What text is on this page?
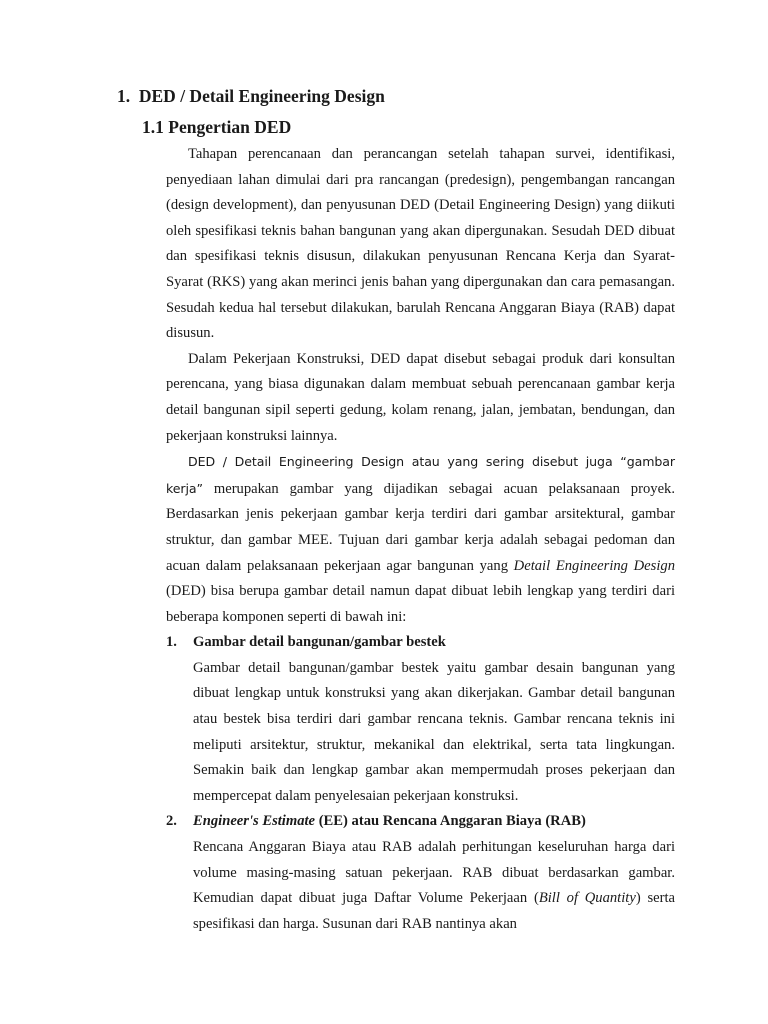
1. DED / Detail Engineering Design
1.1 Pengertian DED

Tahapan perencanaan dan perancangan setelah tahapan survei, identifikasi, penyediaan lahan dimulai dari pra rancangan (predesign), pengembangan rancangan (design development), dan penyusunan DED (Detail Engineering Design) yang diikuti oleh spesifikasi teknis bahan bangunan yang akan dipergunakan. Sesudah DED dibuat dan spesifikasi teknis disusun, dilakukan penyusunan Rencana Kerja dan Syarat-Syarat (RKS) yang akan merinci jenis bahan yang dipergunakan dan cara pemasangan. Sesudah kedua hal tersebut dilakukan, barulah Rencana Anggaran Biaya (RAB) dapat disusun.

Dalam Pekerjaan Konstruksi, DED dapat disebut sebagai produk dari konsultan perencana, yang biasa digunakan dalam membuat sebuah perencanaan gambar kerja detail bangunan sipil seperti gedung, kolam renang, jalan, jembatan, bendungan, dan pekerjaan konstruksi lainnya.

DED / Detail Engineering Design atau yang sering disebut juga “gambar kerja” merupakan gambar yang dijadikan sebagai acuan pelaksanaan proyek. Berdasarkan jenis pekerjaan gambar kerja terdiri dari gambar arsitektural, gambar struktur, dan gambar MEE. Tujuan dari gambar kerja adalah sebagai pedoman dan acuan dalam pelaksanaan pekerjaan agar bangunan yang Detail Engineering Design (DED) bisa berupa gambar detail namun dapat dibuat lebih lengkap yang terdiri dari beberapa komponen seperti di bawah ini:

1. Gambar detail bangunan/gambar bestek
Gambar detail bangunan/gambar bestek yaitu gambar desain bangunan yang dibuat lengkap untuk konstruksi yang akan dikerjakan. Gambar detail bangunan atau bestek bisa terdiri dari gambar rencana teknis. Gambar rencana teknis ini meliputi arsitektur, struktur, mekanikal dan elektrikal, serta tata lingkungan. Semakin baik dan lengkap gambar akan mempermudah proses pekerjaan dan mempercepat dalam penyelesaian pekerjaan konstruksi.
2. Engineer's Estimate (EE) atau Rencana Anggaran Biaya (RAB)
Rencana Anggaran Biaya atau RAB adalah perhitungan keseluruhan harga dari volume masing-masing satuan pekerjaan. RAB dibuat berdasarkan gambar. Kemudian dapat dibuat juga Daftar Volume Pekerjaan (Bill of Quantity) serta spesifikasi dan harga. Susunan dari RAB nantinya akan
